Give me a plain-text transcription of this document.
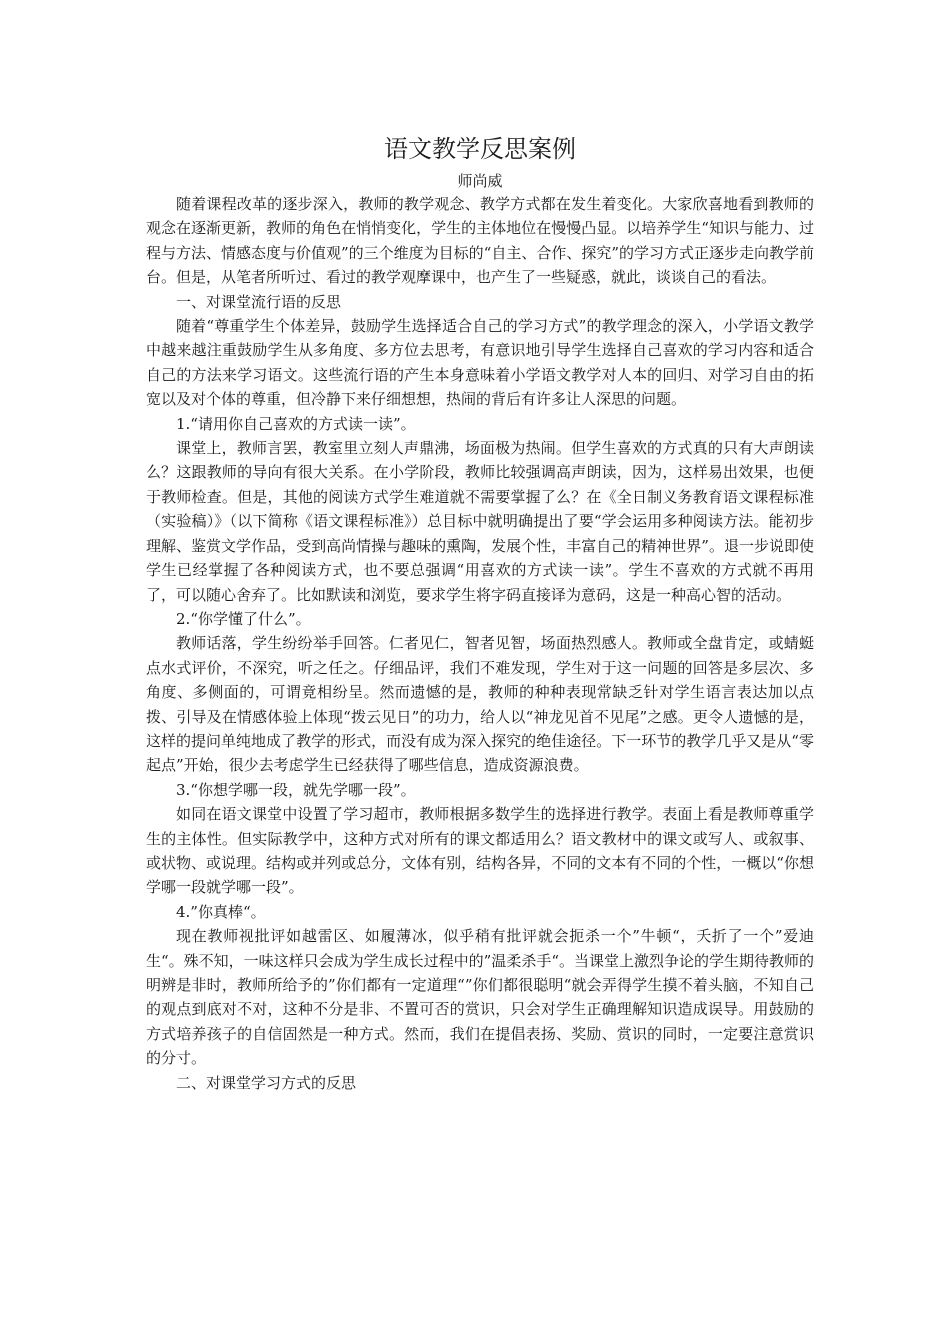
语文教学反思案例

师尚威

随着课程改革的逐步深入，教师的教学观念、教学方式都在发生着变化。大家欣喜地看到教师的观念在逐渐更新，教师的角色在悄悄变化，学生的主体地位在慢慢凸显。以培养学生“知识与能力、过程与方法、情感态度与价值观”的三个维度为目标的“自主、合作、探究”的学习方式正逐步走向教学前台。但是，从笔者所听过、看过的教学观摩课中，也产生了一些疑惑，就此，谈谈自己的看法。

一、对课堂流行语的反思

随着“尊重学生个体差异，鼓励学生选择适合自己的学习方式”的教学理念的深入，小学语文教学中越来越注重鼓励学生从多角度、多方位去思考，有意识地引导学生选择自己喜欢的学习内容和适合自己的方法来学习语文。这些流行语的产生本身意味着小学语文教学对人本的回归、对学习自由的拓宽以及对个体的尊重，但冷静下来仔细想想，热闹的背后有许多让人深思的问题。

1.“请用你自己喜欢的方式读一读”。

课堂上，教师言罢，教室里立刻人声鼎沸，场面极为热闹。但学生喜欢的方式真的只有大声朗读么？这跟教师的导向有很大关系。在小学阶段，教师比较强调高声朗读，因为，这样易出效果，也便于教师检查。但是，其他的阅读方式学生难道就不需要掌握了么？在《全日制义务教育语文课程标准（实验稿）》（以下简称《语文课程标准》）总目标中就明确提出了要“学会运用多种阅读方法。能初步理解、鉴赏文学作品，受到高尚情操与趣味的熏陶，发展个性，丰富自己的精神世界”。退一步说即使学生已经掌握了各种阅读方式，也不要总强调“用喜欢的方式读一读”。学生不喜欢的方式就不再用了，可以随心舍弃了。比如默读和浏览，要求学生将字码直接译为意码，这是一种高心智的活动。

2.“你学懂了什么”。

教师话落，学生纷纷举手回答。仁者见仁，智者见智，场面热烈感人。教师或全盘肯定，或蜻蜓点水式评价，不深究，听之任之。仔细品评，我们不难发现，学生对于这一问题的回答是多层次、多角度、多侧面的，可谓竟相纷呈。然而遗憾的是，教师的种种表现常缺乏针对学生语言表达加以点拨、引导及在情感体验上体现“拨云见日”的功力，给人以“神龙见首不见尾”之感。更令人遗憾的是，这样的提问单纯地成了教学的形式，而没有成为深入探究的绝佳途径。下一环节的教学几乎又是从“零起点”开始，很少去考虑学生已经获得了哪些信息，造成资源浪费。

3.“你想学哪一段，就先学哪一段”。

如同在语文课堂中设置了学习超市，教师根据多数学生的选择进行教学。表面上看是教师尊重学生的主体性。但实际教学中，这种方式对所有的课文都适用么？语文教材中的课文或写人、或叙事、或状物、或说理。结构或并列或总分，文体有别，结构各异，不同的文本有不同的个性，一概以“你想学哪一段就学哪一段”。

4.”你真棒“。

现在教师视批评如越雷区、如履薄冰，似乎稍有批评就会扼杀一个”牛顿“，夭折了一个”爱迪生“。殊不知，一味这样只会成为学生成长过程中的”温柔杀手“。当课堂上激烈争论的学生期待教师的明辨是非时，教师所给予的”你们都有一定道理“”你们都很聪明“就会弄得学生摸不着头脑，不知自己的观点到底对不对，这种不分是非、不置可否的赏识，只会对学生正确理解知识造成误导。用鼓励的方式培养孩子的自信固然是一种方式。然而，我们在提倡表扬、奖励、赏识的同时，一定要注意赏识的分寸。

二、对课堂学习方式的反思
